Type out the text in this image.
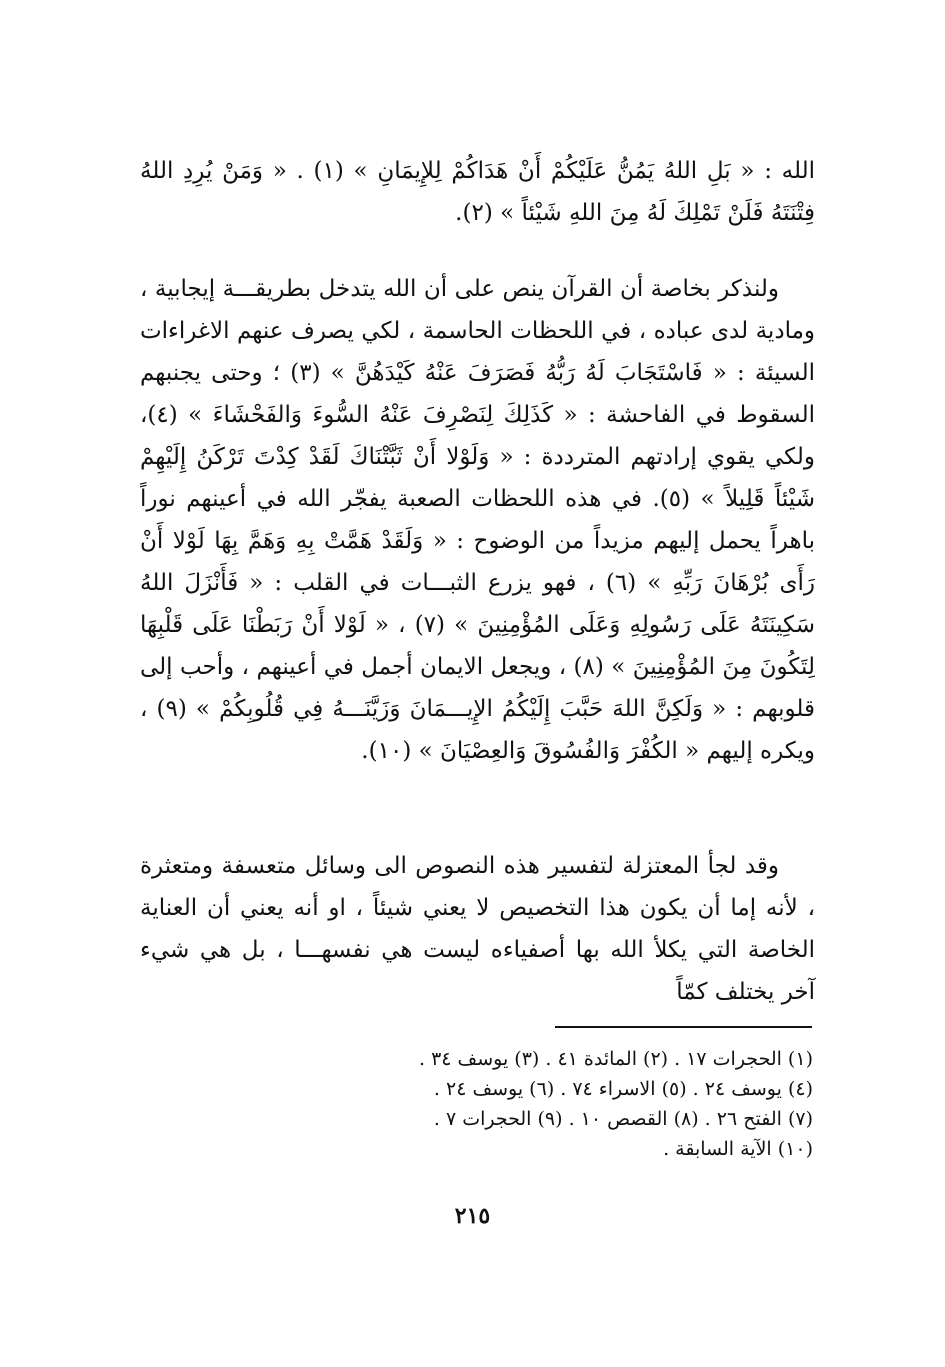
الله : « بَلِ اللهُ يَمُنُّ عَلَيْكُمْ أَنْ هَدَاكُمْ لِلإِيمَانِ » (١) . « وَمَنْ يُرِدِ اللهُ فِتْنَتَهُ فَلَنْ تَمْلِكَ لَهُ مِنَ اللهِ شَيْئاً » (٢).

ولنذكر بخاصة أن القرآن ينص على أن الله يتدخل بطريقـــة إيجابية ، ومادية لدى عباده ، في اللحظات الحاسمة ، لكي يصرف عنهم الاغراءات السيئة : « فَاسْتَجَابَ لَهُ رَبُّهُ فَصَرَفَ عَنْهُ كَيْدَهُنَّ » (٣) ؛ وحتى يجنبهم السقوط في الفاحشة : « كَذَلِكَ لِنَصْرِفَ عَنْهُ السُّوءَ وَالفَحْشَاءَ » (٤)، ولكي يقوي إرادتهم المترددة : « وَلَوْلا أَنْ ثَبَّتْنَاكَ لَقَدْ كِدْتَ تَرْكَنُ إِلَيْهِمْ شَيْئاً قَلِيلاً » (٥). في هذه اللحظات الصعبة يفجّر الله في أعينهم نوراً باهراً يحمل إليهم مزيداً من الوضوح : « وَلَقَدْ هَمَّتْ بِهِ وَهَمَّ بِهَا لَوْلا أَنْ رَأَى بُرْهَانَ رَبِّهِ » (٦) ، فهو يزرع الثبـــات في القلب : « فَأَنْزَلَ اللهُ سَكِينَتَهُ عَلَى رَسُولِهِ وَعَلَى المُؤْمِنِينَ » (٧) ، « لَوْلا أَنْ رَبَطْنَا عَلَى قَلْبِهَا لِتَكُونَ مِنَ المُؤْمِنِينَ » (٨) ، ويجعل الايمان أجمل في أعينهم ، وأحب إلى قلوبهم : « وَلَكِنَّ اللهَ حَبَّبَ إِلَيْكُمُ الإِيـــمَانَ وَزَيَّنَـــهُ فِي قُلُوبِكُمْ » (٩) ، ويكره إليهم « الكُفْرَ وَالفُسُوقَ وَالعِصْيَانَ » (١٠).

وقد لجأ المعتزلة لتفسير هذه النصوص الى وسائل متعسفة ومتعثرة ، لأنه إما أن يكون هذا التخصيص لا يعني شيئاً ، او أنه يعني أن العناية الخاصة التي يكلأ الله بها أصفياءه ليست هي نفسهـــا ، بل هي شيء آخر يختلف كمّاً

(١) الحجرات ١٧ . (٢) المائدة ٤١ . (٣) يوسف ٣٤ .
(٤) يوسف ٢٤ . (٥) الاسراء ٧٤ . (٦) يوسف ٢٤ .
(٧) الفتح ٢٦ . (٨) القصص ١٠ . (٩) الحجرات ٧ .
(١٠) الآية السابقة .
٢١٥
